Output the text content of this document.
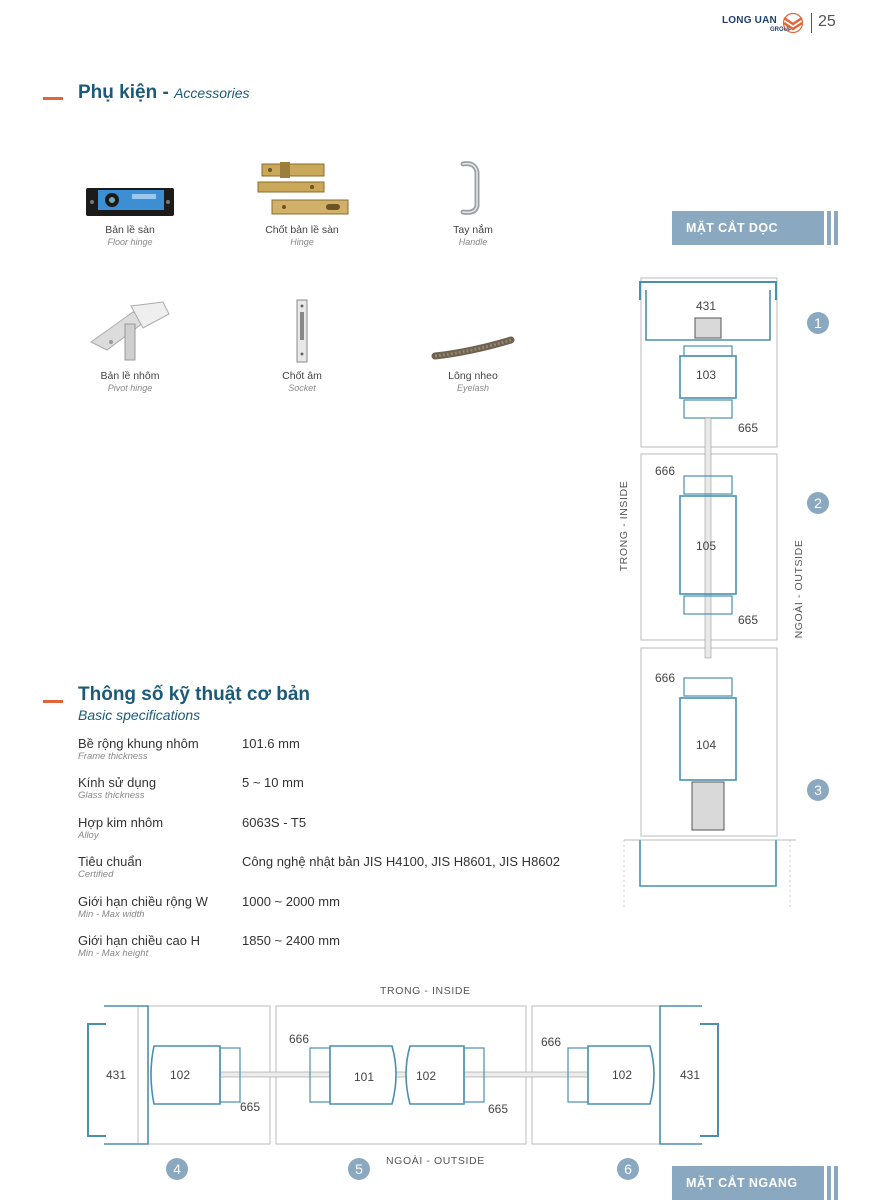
LONG UAN
GROUP 25
Phụ kiện - Accessories
Bản lề sàn
Floor hinge
Chốt bản lề sàn
Hinge
Tay nắm
Handle
Bản lề nhôm
Pivot hinge
Chốt âm
Socket
Lông nheo
Eyelash
Thông số kỹ thuật cơ bản
Basic specifications
Bề rộng khung nhôm
Frame thickness
101.6 mm
Kính sử dụng
Glass thickness
5 ~ 10 mm
Hợp kim nhôm
Alloy
6063S - T5
Tiêu chuẩn
Certified
Công nghệ nhật bản JIS H4100, JIS H8601, JIS H8602
Giới hạn chiều rộng W
Min - Max width
1000 ~ 2000 mm
Giới hạn chiều cao H
Min - Max height
1850 ~ 2400 mm
MẶT CẮT DỌC
431
103
665
666
105
665
666
104
TRONG - INSIDE
NGOÀI - OUTSIDE
1
2
3
TRONG - INSIDE
431	102
665
666
101	102
665
666
102	431
NGOÀI - OUTSIDE
4	5	6
MẶT CẮT NGANG
